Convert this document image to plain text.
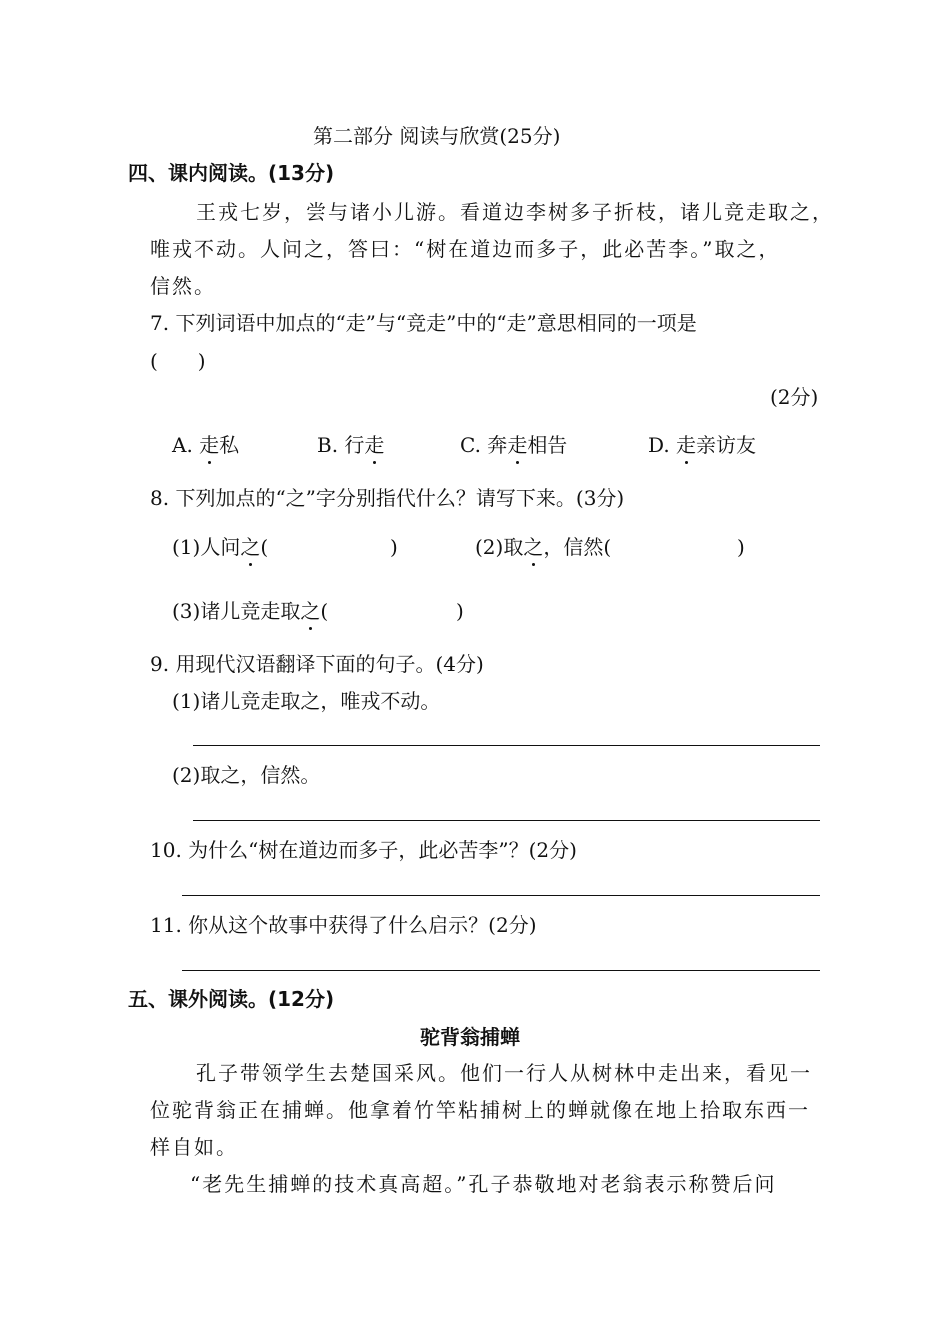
第二部分 阅读与欣赏(25分)
四、课内阅读。(13分)
王戎七岁，尝与诸小儿游。看道边李树多子折枝，诸儿竞走取之，
唯戎不动。人问之，答曰：“树在道边而多子，此必苦李。”取之，
信然。
7. 下列词语中加点的“走”与“竞走”中的“走”意思相同的一项是
(　　)
(2分)
A. 走私	B. 行走	C. 奔走相告	D. 走亲访友
8. 下列加点的“之”字分别指代什么？请写下来。(3分)
(1)人问之(	)	(2)取之，信然(	)
(3)诸儿竞走取之(	)
9. 用现代汉语翻译下面的句子。(4分)
(1)诸儿竞走取之，唯戎不动。
(2)取之，信然。
10. 为什么“树在道边而多子，此必苦李”？(2分)
11. 你从这个故事中获得了什么启示？(2分)
五、课外阅读。(12分)
驼背翁捕蝉
孔子带领学生去楚国采风。他们一行人从树林中走出来，看见一
位驼背翁正在捕蝉。他拿着竹竿粘捕树上的蝉就像在地上拾取东西一
样自如。
“老先生捕蝉的技术真高超。”孔子恭敬地对老翁表示称赞后问
